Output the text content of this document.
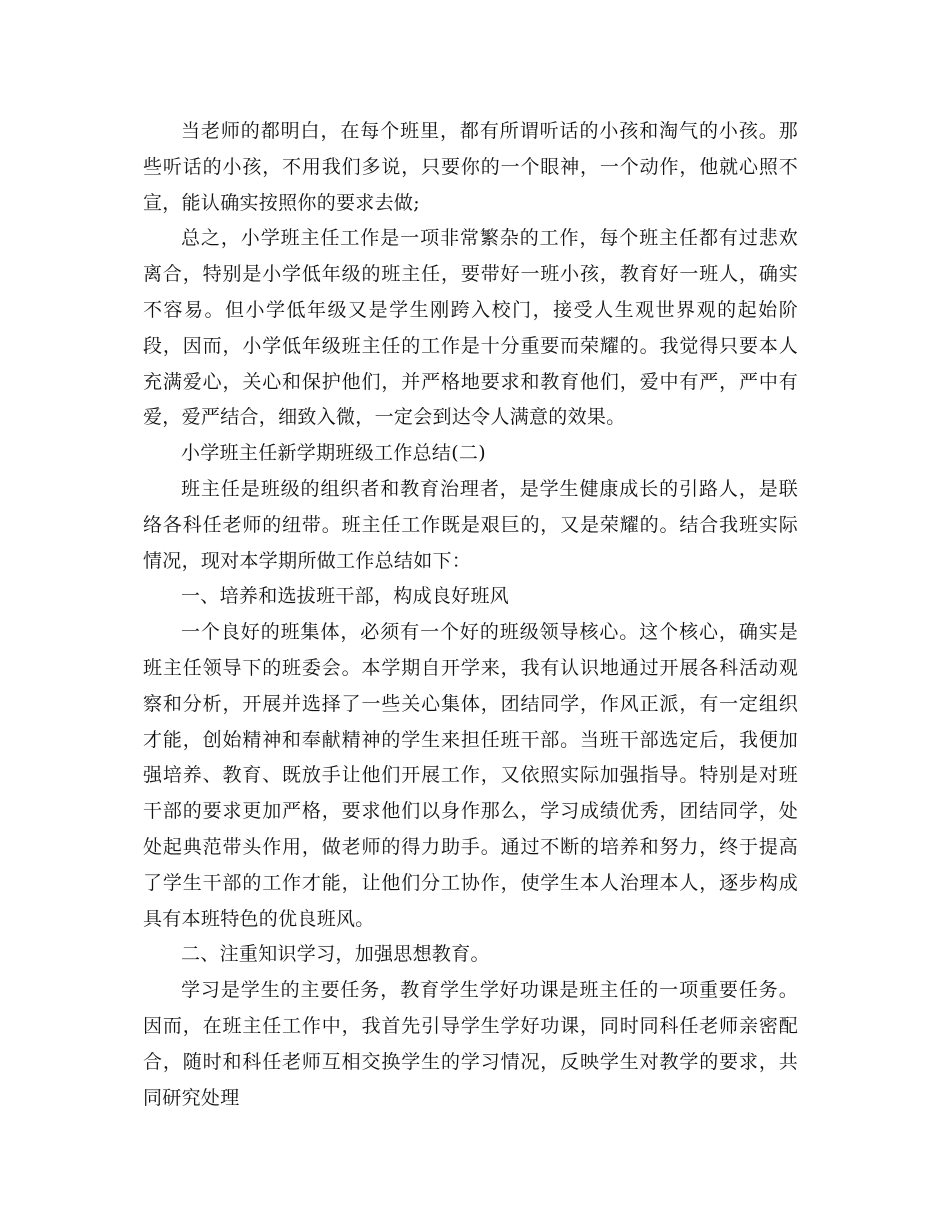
当老师的都明白，在每个班里，都有所谓听话的小孩和淘气的小孩。那些听话的小孩，不用我们多说，只要你的一个眼神，一个动作，他就心照不宣，能认确实按照你的要求去做;

总之，小学班主任工作是一项非常繁杂的工作，每个班主任都有过悲欢离合，特别是小学低年级的班主任，要带好一班小孩，教育好一班人，确实不容易。但小学低年级又是学生刚跨入校门，接受人生观世界观的起始阶段，因而，小学低年级班主任的工作是十分重要而荣耀的。我觉得只要本人充满爱心，关心和保护他们，并严格地要求和教育他们，爱中有严，严中有爱，爱严结合，细致入微，一定会到达令人满意的效果。

小学班主任新学期班级工作总结(二)

班主任是班级的组织者和教育治理者，是学生健康成长的引路人，是联络各科任老师的纽带。班主任工作既是艰巨的，又是荣耀的。结合我班实际情况，现对本学期所做工作总结如下：

一、培养和选拔班干部，构成良好班风

一个良好的班集体，必须有一个好的班级领导核心。这个核心，确实是班主任领导下的班委会。本学期自开学来，我有认识地通过开展各科活动观察和分析，开展并选择了一些关心集体，团结同学，作风正派，有一定组织才能，创始精神和奉献精神的学生来担任班干部。当班干部选定后，我便加强培养、教育、既放手让他们开展工作，又依照实际加强指导。特别是对班干部的要求更加严格，要求他们以身作那么，学习成绩优秀，团结同学，处处起典范带头作用，做老师的得力助手。通过不断的培养和努力，终于提高了学生干部的工作才能，让他们分工协作，使学生本人治理本人，逐步构成具有本班特色的优良班风。

二、注重知识学习，加强思想教育。

学习是学生的主要任务，教育学生学好功课是班主任的一项重要任务。因而，在班主任工作中，我首先引导学生学好功课，同时同科任老师亲密配合，随时和科任老师互相交换学生的学习情况，反映学生对教学的要求，共同研究处理
